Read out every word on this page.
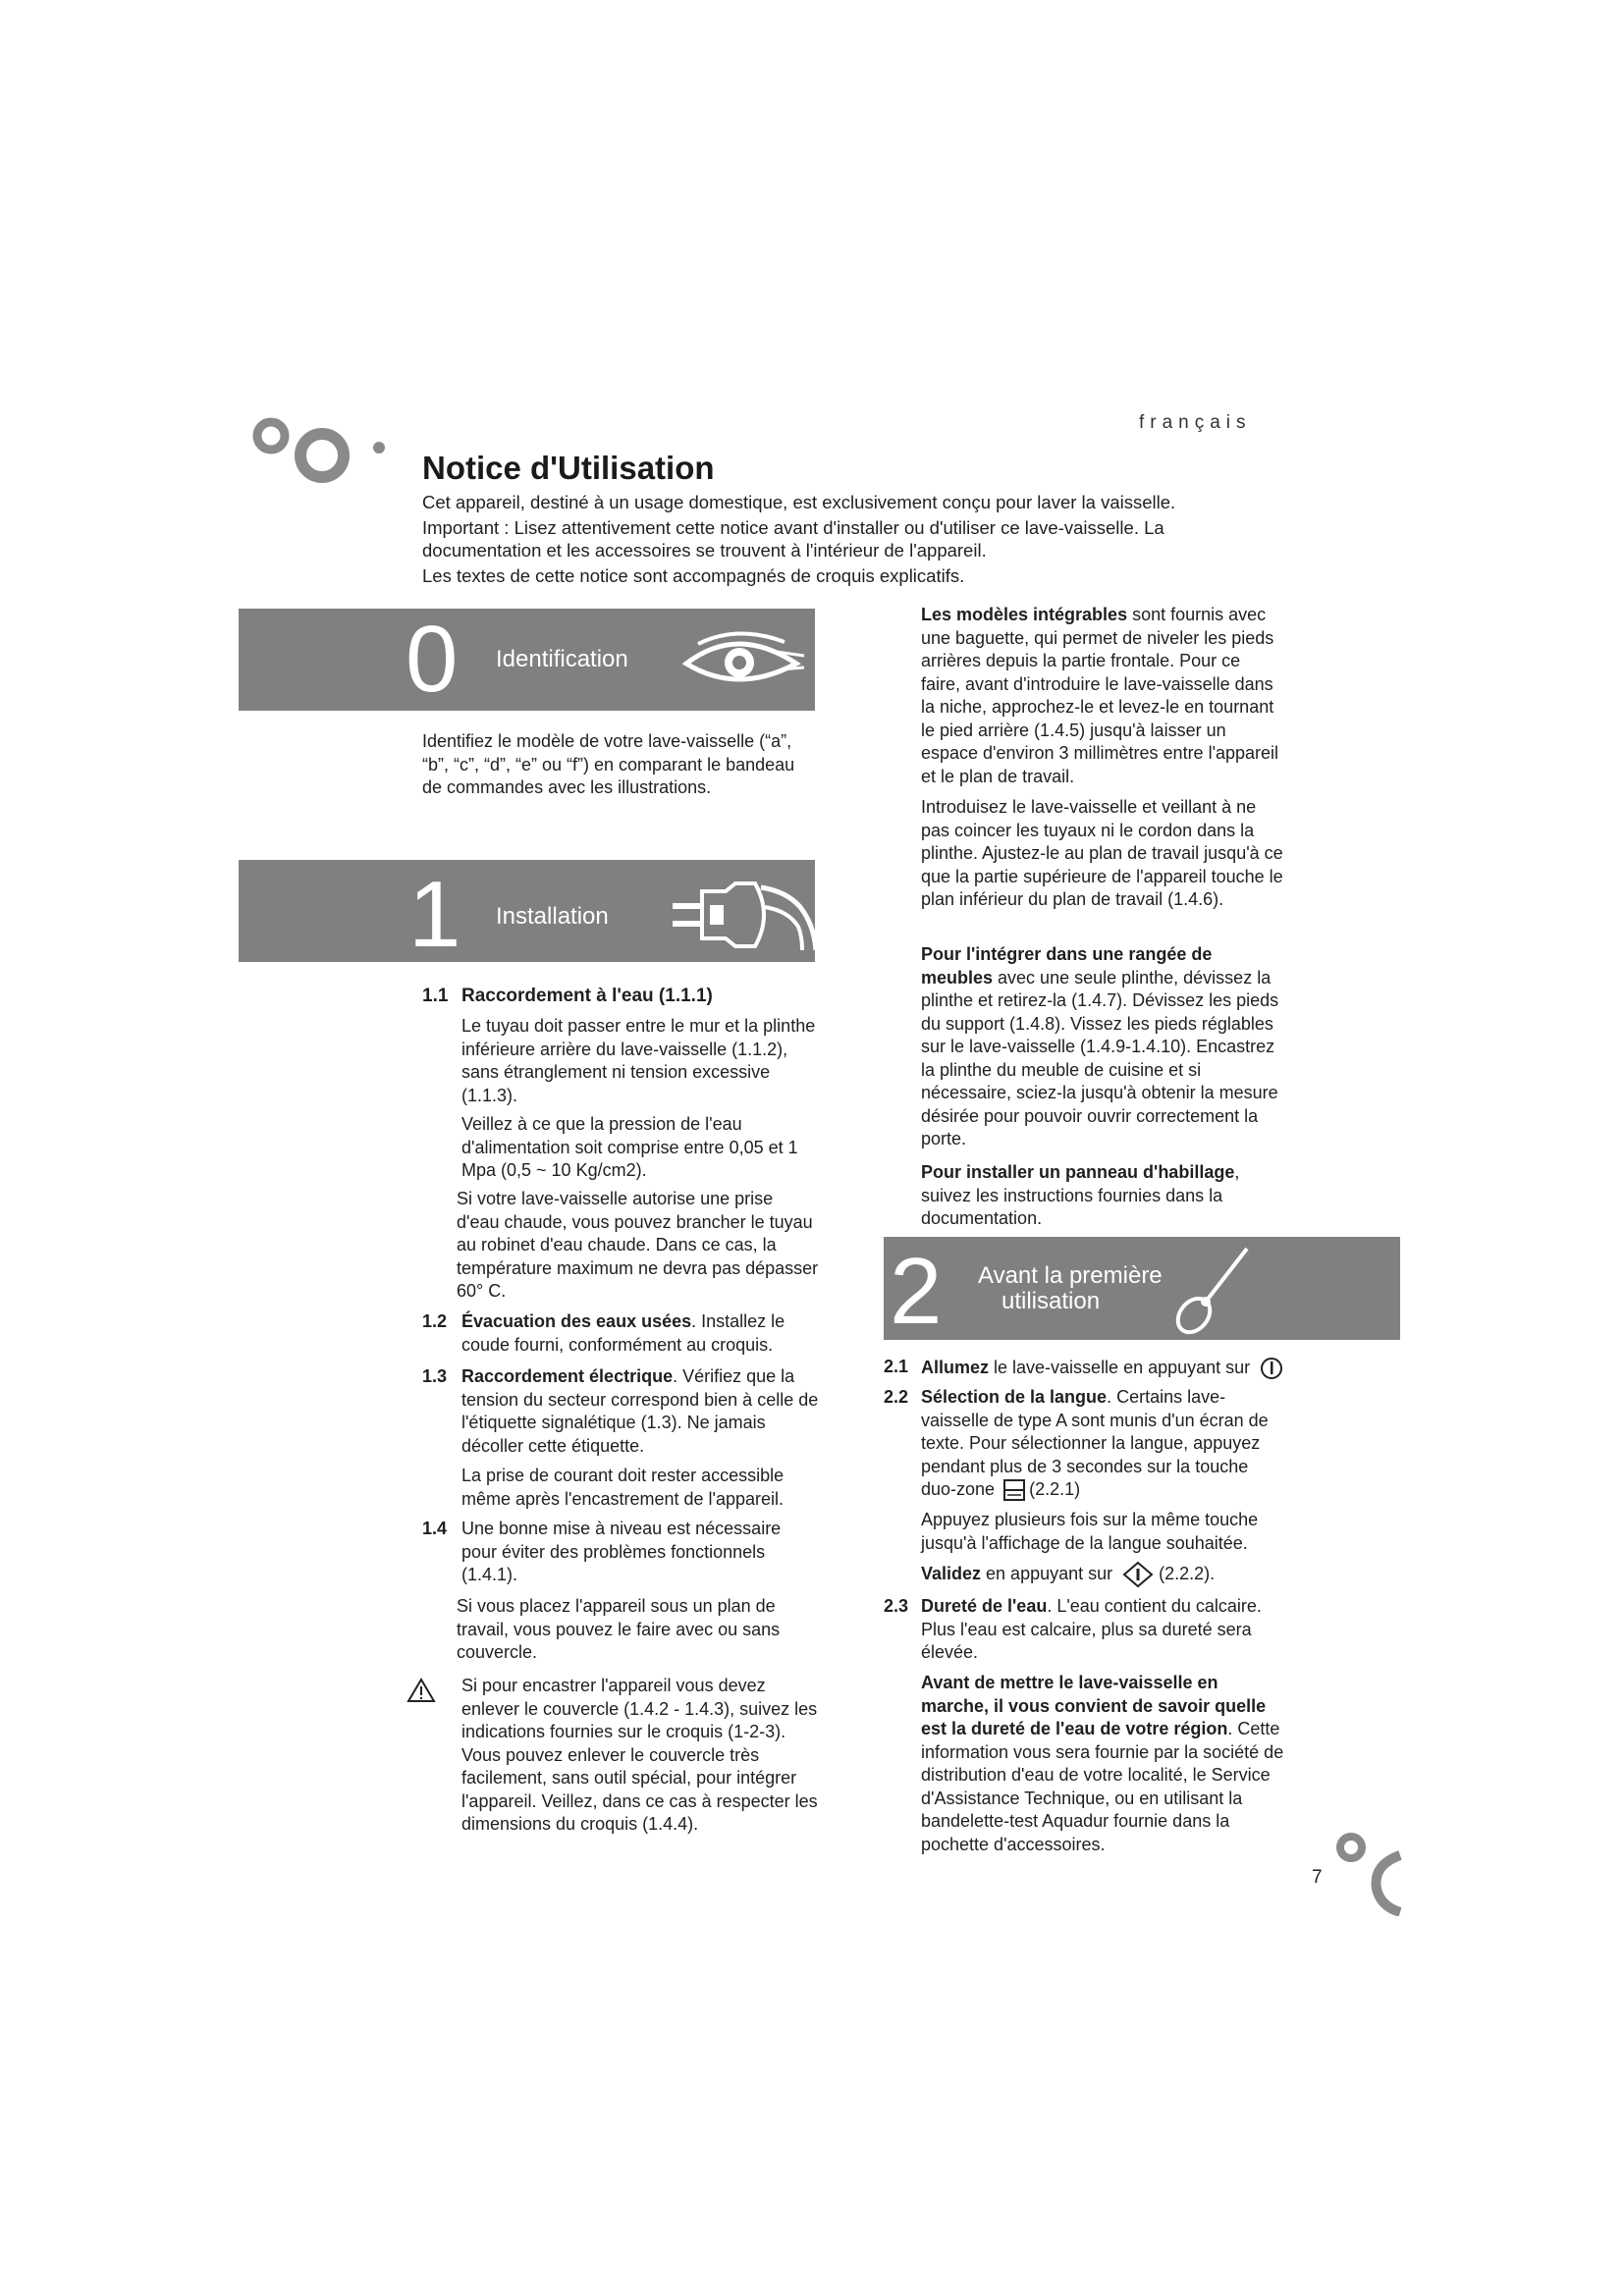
français
Notice d'Utilisation

Cet appareil, destiné à un usage domestique, est exclusivement conçu pour laver la vaisselle.

Important : Lisez attentivement cette notice avant d'installer ou d'utiliser ce lave-vaisselle. La documentation et les accessoires se trouvent à l'intérieur de l'appareil.

Les textes de cette notice sont accompagnés de croquis explicatifs.

0 Identification
Identifiez le modèle de votre lave-vaisselle (“a”, “b”, “c”, “d”, “e” ou “f”) en comparant le bandeau de commandes avec les illustrations.
1 Installation
1.1 Raccordement à l'eau (1.1.1)
Le tuyau doit passer entre le mur et la plinthe inférieure arrière du lave-vaisselle (1.1.2), sans étranglement ni tension excessive (1.1.3).
Veillez à ce que la pression de l'eau d'alimentation soit comprise entre 0,05 et 1 Mpa (0,5 ~ 10 Kg/cm2).
Si votre lave-vaisselle autorise une prise d'eau chaude, vous pouvez brancher le tuyau au robinet d'eau chaude. Dans ce cas, la température maximum ne devra pas dépasser 60° C.
1.2 Évacuation des eaux usées. Installez le coude fourni, conformément au croquis.
1.3 Raccordement électrique. Vérifiez que la tension du secteur correspond bien à celle de l'étiquette signalétique (1.3). Ne jamais décoller cette étiquette.
La prise de courant doit rester accessible même après l'encastrement de l'appareil.
1.4 Une bonne mise à niveau est nécessaire pour éviter des problèmes fonctionnels (1.4.1).
Si vous placez l'appareil sous un plan de travail, vous pouvez le faire avec ou sans couvercle.
Si pour encastrer l'appareil vous devez enlever le couvercle (1.4.2 - 1.4.3), suivez les indications fournies sur le croquis (1-2-3). Vous pouvez enlever le couvercle très facilement, sans outil spécial, pour intégrer l'appareil. Veillez, dans ce cas à respecter les dimensions du croquis (1.4.4).
Les modèles intégrables sont fournis avec une baguette, qui permet de niveler les pieds arrières depuis la partie frontale. Pour ce faire, avant d'introduire le lave-vaisselle dans la niche, approchez-le et levez-le en tournant le pied arrière (1.4.5) jusqu'à laisser un espace d'environ 3 millimètres entre l'appareil et le plan de travail.
Introduisez le lave-vaisselle et veillant à ne pas coincer les tuyaux ni le cordon dans la plinthe. Ajustez-le au plan de travail jusqu'à ce que la partie supérieure de l'appareil touche le plan inférieur du plan de travail (1.4.6).
Pour l'intégrer dans une rangée de meubles avec une seule plinthe, dévissez la plinthe et retirez-la (1.4.7). Dévissez les pieds du support (1.4.8). Vissez les pieds réglables sur le lave-vaisselle (1.4.9-1.4.10). Encastrez la plinthe du meuble de cuisine et si nécessaire, sciez-la jusqu'à obtenir la mesure désirée pour pouvoir ouvrir correctement la porte.
Pour installer un panneau d'habillage, suivez les instructions fournies dans la documentation.
2 Avant la première
utilisation
2.1 Allumez le lave-vaisselle en appuyant sur
2.2 Sélection de la langue. Certains lave-vaisselle de type A sont munis d'un écran de texte. Pour sélectionner la langue, appuyez pendant plus de 3 secondes sur la touche duo-zone (2.2.1)
Appuyez plusieurs fois sur la même touche jusqu'à l'affichage de la langue souhaitée.
Validez en appuyant sur	(2.2.2).
2.3 Dureté de l'eau. L'eau contient du calcaire. Plus l'eau est calcaire, plus sa dureté sera élevée.
Avant de mettre le lave-vaisselle en marche, il vous convient de savoir quelle est la dureté de l'eau de votre région. Cette information vous sera fournie par la société de distribution d'eau de votre localité, le Service d'Assistance Technique, ou en utilisant la bandelette-test Aquadur fournie dans la pochette d'accessoires.
7
